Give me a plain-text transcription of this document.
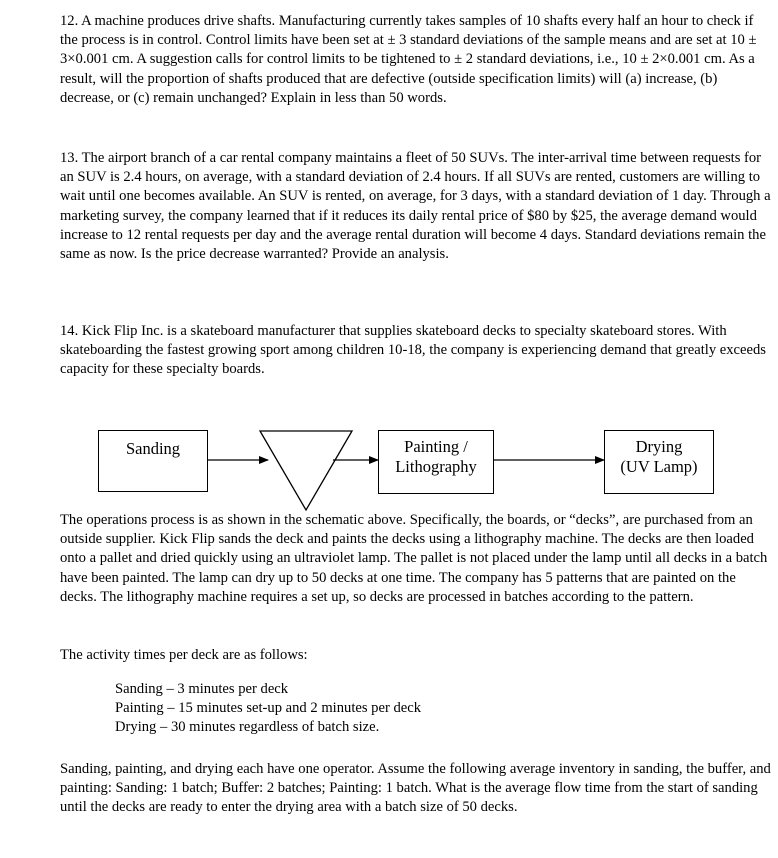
12. A machine produces drive shafts. Manufacturing currently takes samples of 10 shafts every half an hour to check if the process is in control. Control limits have been set at ± 3 standard deviations of the sample means and are set at 10 ± 3×0.001 cm. A suggestion calls for control limits to be tightened to ± 2 standard deviations, i.e., 10 ± 2×0.001 cm. As a result, will the proportion of shafts produced that are defective (outside specification limits) will (a) increase, (b) decrease, or (c) remain unchanged? Explain in less than 50 words.

13. The airport branch of a car rental company maintains a fleet of 50 SUVs. The inter-arrival time between requests for an SUV is 2.4 hours, on average, with a standard deviation of 2.4 hours. If all SUVs are rented, customers are willing to wait until one becomes available. An SUV is rented, on average, for 3 days, with a standard deviation of 1 day. Through a marketing survey, the company learned that if it reduces its daily rental price of $80 by $25, the average demand would increase to 12 rental requests per day and the average rental duration will become 4 days. Standard deviations remain the same as now. Is the price decrease warranted? Provide an analysis.

14. Kick Flip Inc. is a skateboard manufacturer that supplies skateboard decks to specialty skateboard stores. With skateboarding the fastest growing sport among children 10-18, the company is experiencing demand that greatly exceeds capacity for these specialty boards.

Sanding	Painting /
Lithography
Drying
(UV Lamp)

The operations process is as shown in the schematic above. Specifically, the boards, or “decks”, are purchased from an outside supplier. Kick Flip sands the deck and paints the decks using a lithography machine. The decks are then loaded onto a pallet and dried quickly using an ultraviolet lamp. The pallet is not placed under the lamp until all decks in a batch have been painted. The lamp can dry up to 50 decks at one time. The company has 5 patterns that are painted on the decks. The lithography machine requires a set up, so decks are processed in batches according to the pattern.

The activity times per deck are as follows:

Sanding – 3 minutes per deck
Painting – 15 minutes set-up and 2 minutes per deck
Drying – 30 minutes regardless of batch size.

Sanding, painting, and drying each have one operator. Assume the following average inventory in sanding, the buffer, and painting: Sanding: 1 batch; Buffer: 2 batches; Painting: 1 batch. What is the average flow time from the start of sanding until the decks are ready to enter the drying area with a batch size of 50 decks.
